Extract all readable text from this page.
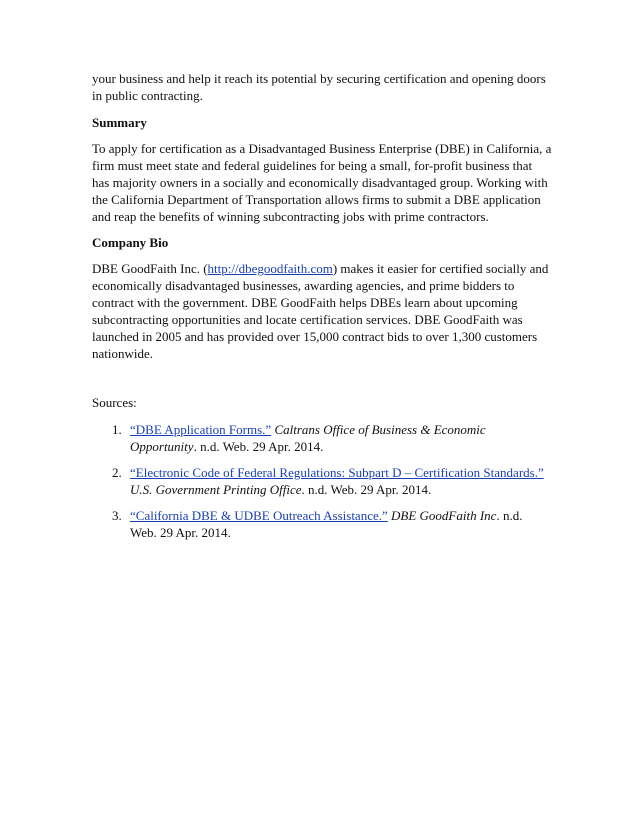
your business and help it reach its potential by securing certification and opening doors in public contracting.

Summary

To apply for certification as a Disadvantaged Business Enterprise (DBE) in California, a firm must meet state and federal guidelines for being a small, for-profit business that has majority owners in a socially and economically disadvantaged group. Working with the California Department of Transportation allows firms to submit a DBE application and reap the benefits of winning subcontracting jobs with prime contractors.

Company Bio

DBE GoodFaith Inc. (http://dbegoodfaith.com) makes it easier for certified socially and economically disadvantaged businesses, awarding agencies, and prime bidders to contract with the government. DBE GoodFaith helps DBEs learn about upcoming subcontracting opportunities and locate certification services. DBE GoodFaith was launched in 2005 and has provided over 15,000 contract bids to over 1,300 customers nationwide.

Sources:

1. “DBE Application Forms.” Caltrans Office of Business & Economic Opportunity. n.d. Web. 29 Apr. 2014.
2. “Electronic Code of Federal Regulations: Subpart D – Certification Standards.” U.S. Government Printing Office. n.d. Web. 29 Apr. 2014.
3. “California DBE & UDBE Outreach Assistance.” DBE GoodFaith Inc. n.d. Web. 29 Apr. 2014.
